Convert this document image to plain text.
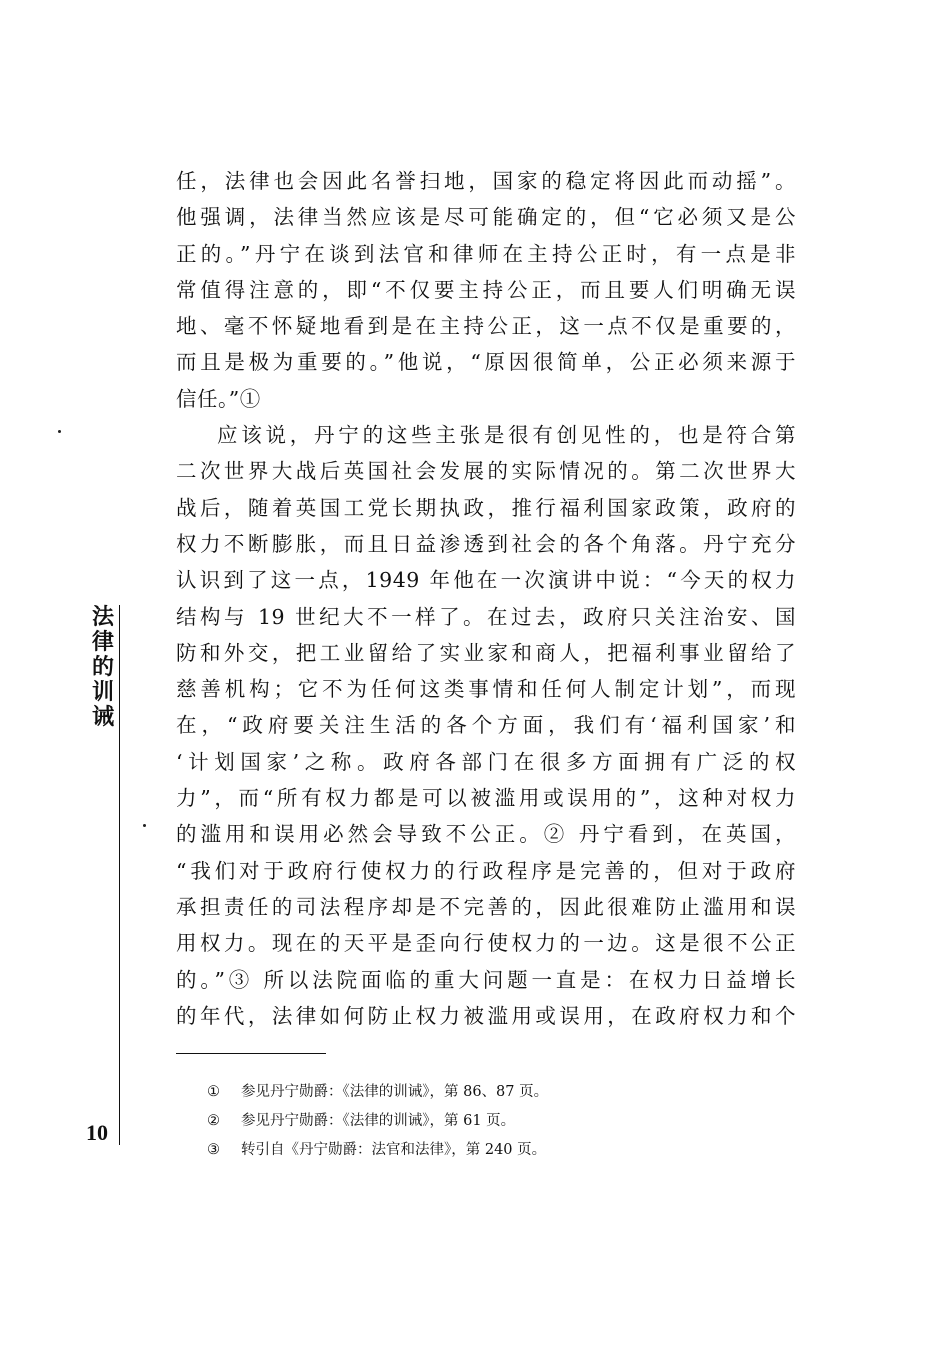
任，法律也会因此名誉扫地，国家的稳定将因此而动摇”。
他强调，法律当然应该是尽可能确定的，但“它必须又是公
正的。”丹宁在谈到法官和律师在主持公正时，有一点是非
常值得注意的，即“不仅要主持公正，而且要人们明确无误
地、毫不怀疑地看到是在主持公正，这一点不仅是重要的，
而且是极为重要的。”他说，“原因很简单，公正必须来源于
信任。”①
应该说，丹宁的这些主张是很有创见性的，也是符合第
二次世界大战后英国社会发展的实际情况的。第二次世界大
战后，随着英国工党长期执政，推行福利国家政策，政府的
权力不断膨胀，而且日益渗透到社会的各个角落。丹宁充分
认识到了这一点，1949 年他在一次演讲中说：“今天的权力
结构与 19 世纪大不一样了。在过去，政府只关注治安、国
防和外交，把工业留给了实业家和商人，把福利事业留给了
慈善机构；它不为任何这类事情和任何人制定计划”，而现
在，“政府要关注生活的各个方面，我们有‘福利国家’和
‘计划国家’之称。政府各部门在很多方面拥有广泛的权
力”，而“所有权力都是可以被滥用或误用的”，这种对权力
的滥用和误用必然会导致不公正。② 丹宁看到，在英国，
“我们对于政府行使权力的行政程序是完善的，但对于政府
承担责任的司法程序却是不完善的，因此很难防止滥用和误
用权力。现在的天平是歪向行使权力的一边。这是很不公正
的。”③ 所以法院面临的重大问题一直是：在权力日益增长
的年代，法律如何防止权力被滥用或误用，在政府权力和个
① 参见丹宁勋爵：《法律的训诫》，第 86、87 页。
② 参见丹宁勋爵：《法律的训诫》，第 61 页。
③ 转引自《丹宁勋爵：法官和法律》，第 240 页。
法
律
的
训
诫
10
